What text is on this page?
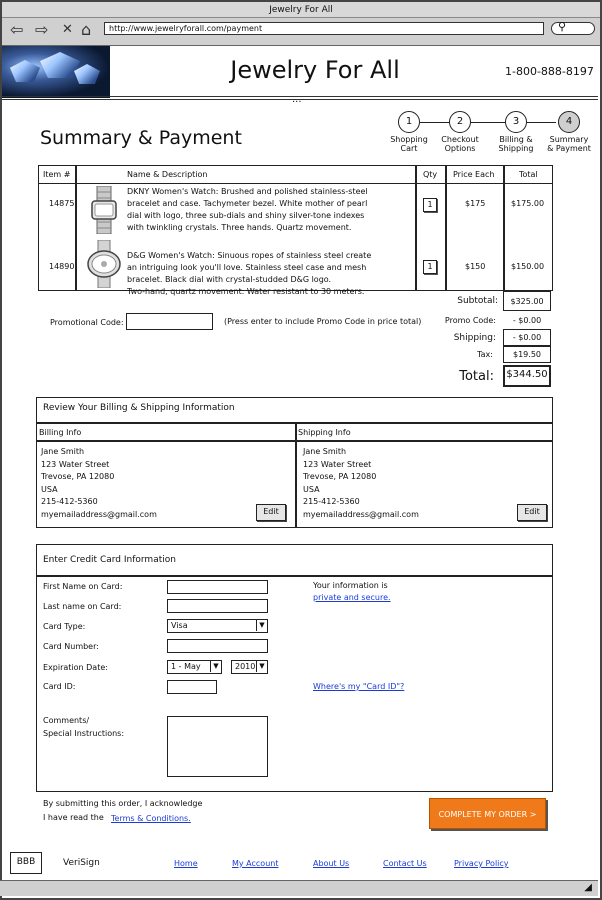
Jewelry For All
⇦ ⇨ ✕ ⌂	http://www.jewelryforall.com/payment	⚲
Jewelry For All	1-800-888-8197
...
Summary & Payment
1
Shopping
Cart
2
Checkout
Options
3
Billing &
Shipping
4
Summary
& Payment
Item #	Name & Description	Qty Price Each	Total
14875
DKNY Women's Watch: Brushed and polished stainless-steel
bracelet and case. Tachymeter bezel. White mother of pearl
dial with logo, three sub-dials and shiny silver-tone indexes
with twinkling crystals. Three hands. Quartz movement.
1	$175	$175.00
14890
D&G Women's Watch: Sinuous ropes of stainless steel create
an intriguing look you'll love. Stainless steel case and mesh
bracelet. Black dial with crystal-studded D&G logo.
Two-hand, quartz movement. Water resistant to 30 meters.
1	$150	$150.00
Subtotal:	$325.00
Promo Code:	- $0.00
Shipping:	- $0.00
Tax:	$19.50
Total: $344.50
Promotional Code:	(Press enter to include Promo Code in price total)
Review Your Billing & Shipping Information
Billing Info	Shipping Info
Jane Smith
123 Water Street
Trevose, PA 12080
USA
215-412-5360
myemailaddress@gmail.com
Jane Smith
123 Water Street
Trevose, PA 12080
USA
215-412-5360
myemailaddress@gmail.com
Edit	Edit
Enter Credit Card Information
First Name on Card:
Last name on Card:
Card Type:	Visa	▼
Card Number:
Expiration Date:	1 - May	▼	2010 ▼
Card ID:
Comments/
Special Instructions:
Your information is
private and secure.
Where's my "Card ID"?
By submitting this order, I acknowledge
I have read the Terms & Conditions.	COMPLETE MY ORDER >
BBB	VeriSign	Home	My Account	About Us	Contact Us	Privacy Policy
◢
